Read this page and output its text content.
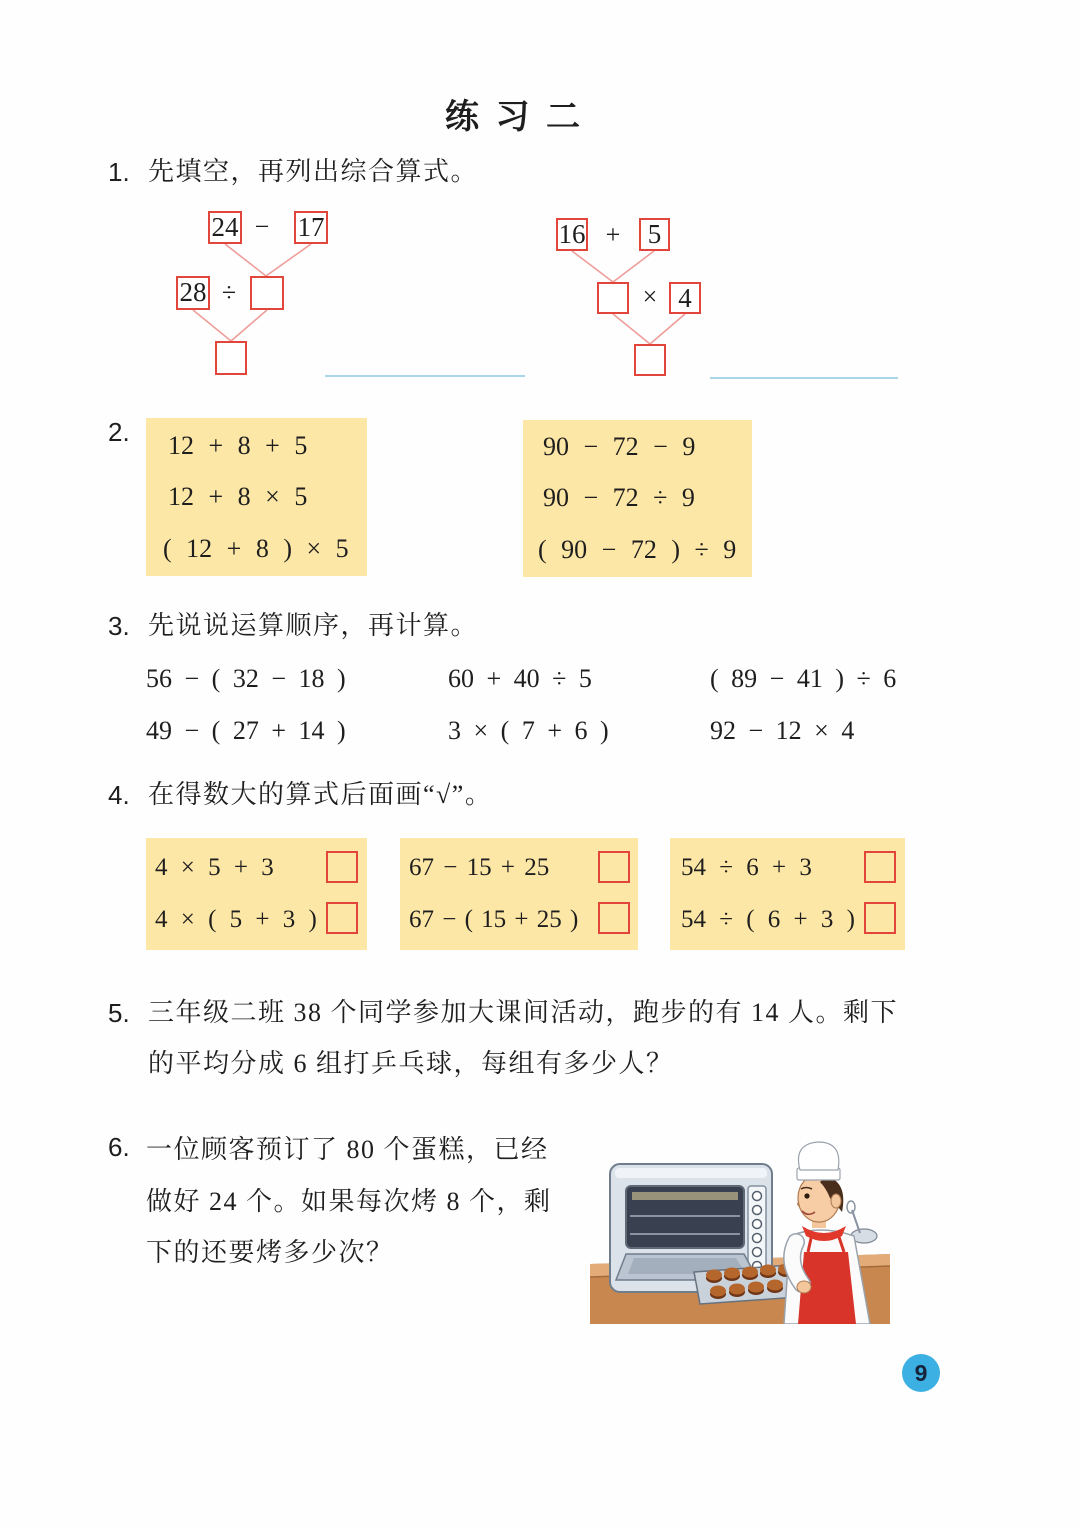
练 习 二
1. 先填空，再列出综合算式。
24 − 17
28 ÷
16 +	5
× 4
2. 12 + 8 + 5
12 + 8 × 5
( 12 + 8 ) × 5
90 − 72 − 9
90 − 72 ÷ 9
( 90 − 72 ) ÷ 9
3. 先说说运算顺序，再计算。
56 − ( 32 − 18 )	60 + 40 ÷ 5	( 89 − 41 ) ÷ 6
49 − ( 27 + 14 )	3 × ( 7 + 6 )	92 − 12 × 4
4. 在得数大的算式后面画“√”。
4 × 5 + 3
4 × ( 5 + 3 )
67 − 15 + 25
67 − ( 15 + 25 )
54 ÷ 6 + 3
54 ÷ ( 6 + 3 )
5. 三年级二班 38 个同学参加大课间活动，跑步的有 14 人。剩下
的平均分成 6 组打乒乓球，每组有多少人？
6. 一位顾客预订了 80 个蛋糕，已经
做好 24 个。如果每次烤 8 个，剩
下的还要烤多少次？
9
